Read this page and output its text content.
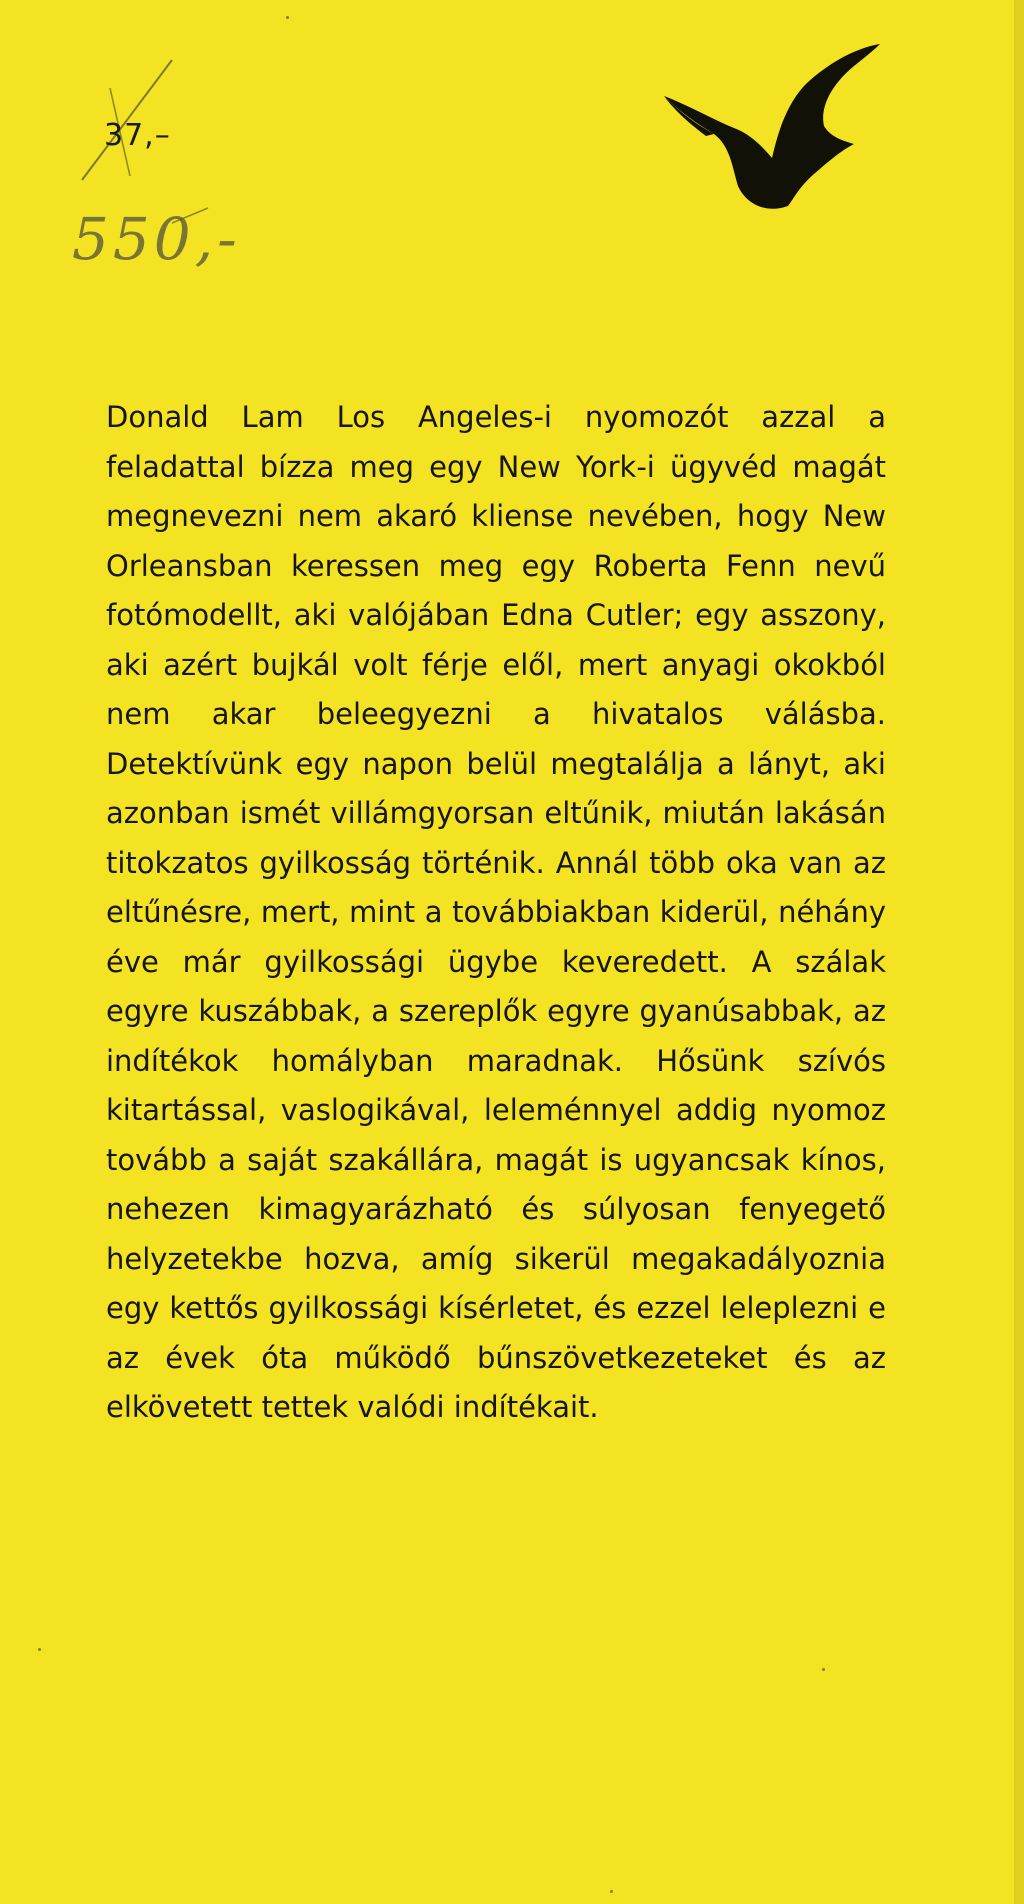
37,–
550,-

Donald Lam Los Angeles-i nyomozót azzal a feladattal bízza meg egy New York-i ügyvéd magát megnevezni nem akaró kliense nevében, hogy New Orleansban keressen meg egy Roberta Fenn nevű fotómodellt, aki valójában Edna Cutler; egy asszony, aki azért bujkál volt férje elől, mert anyagi okokból nem akar beleegyezni a hivatalos válásba. Detektívünk egy napon belül megtalálja a lányt, aki azonban ismét villámgyorsan eltűnik, miután lakásán titokzatos gyilkosság történik. Annál több oka van az eltűnésre, mert, mint a továbbiakban kiderül, néhány éve már gyilkossági ügybe keveredett. A szálak egyre kuszábbak, a szereplők egyre gyanúsabbak, az indítékok homályban maradnak. Hősünk szívós kitartással, vaslogikával, leleménnyel addig nyomoz tovább a saját szakállára, magát is ugyancsak kínos, nehezen kimagyarázható és súlyosan fenyegető helyzetekbe hozva, amíg sikerül megakadályoznia egy kettős gyilkossági kísérletet, és ezzel leleplezni e az évek óta működő bűnszövetkezeteket és az elkövetett tettek valódi indítékait.
